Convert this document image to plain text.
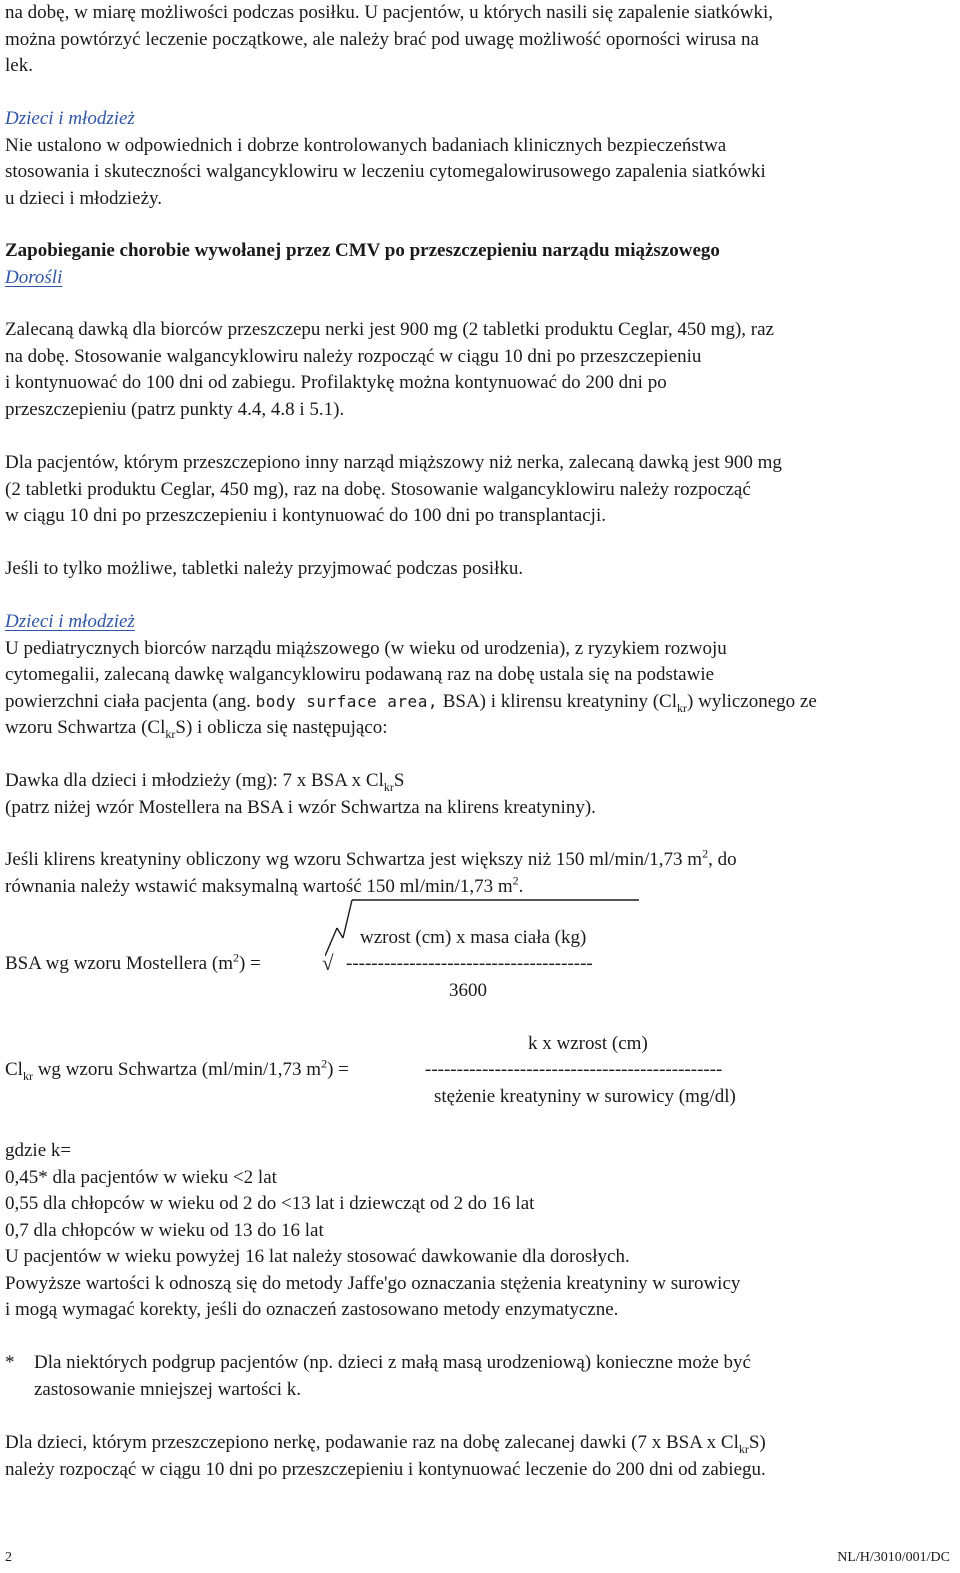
na dobę, w miarę możliwości podczas posiłku. U pacjentów, u których nasili się zapalenie siatkówki,
można powtórzyć leczenie początkowe, ale należy brać pod uwagę możliwość oporności wirusa na
lek.
Dzieci i młodzież
Nie ustalono w odpowiednich i dobrze kontrolowanych badaniach klinicznych bezpieczeństwa
stosowania i skuteczności walgancyklowiru w leczeniu cytomegalowirusowego zapalenia siatkówki
u dzieci i młodzieży.
Zapobieganie chorobie wywołanej przez CMV po przeszczepieniu narządu miąższowego
Dorośli
Zalecaną dawką dla biorców przeszczepu nerki jest 900 mg (2 tabletki produktu Ceglar, 450 mg), raz
na dobę. Stosowanie walgancyklowiru należy rozpocząć w ciągu 10 dni po przeszczepieniu
i kontynuować do 100 dni od zabiegu. Profilaktykę można kontynuować do 200 dni po
przeszczepieniu (patrz punkty 4.4, 4.8 i 5.1).
Dla pacjentów, którym przeszczepiono inny narząd miąższowy niż nerka, zalecaną dawką jest 900 mg
(2 tabletki produktu Ceglar, 450 mg), raz na dobę. Stosowanie walgancyklowiru należy rozpocząć
w ciągu 10 dni po przeszczepieniu i kontynuować do 100 dni po transplantacji.
Jeśli to tylko możliwe, tabletki należy przyjmować podczas posiłku.
Dzieci i młodzież
U pediatrycznych biorców narządu miąższowego (w wieku od urodzenia), z ryzykiem rozwoju
cytomegalii, zalecaną dawkę walgancyklowiru podawaną raz na dobę ustala się na podstawie
powierzchni ciała pacjenta (ang. body surface area, BSA) i klirensu kreatyniny $(Cl_{kr})$ wyliczonego ze
wzoru Schwartza $(Cl_{kr}S)$ i oblicza się następująco:
Dawka dla dzieci i młodzieży (mg): 7 x BSA x $Cl_{kr}S$
(patrz niżej wzór Mostellera na BSA i wzór Schwartza na klirens kreatyniny).
Jeśli klirens kreatyniny obliczony wg wzoru Schwartza jest większy niż 150 ml/min/1,73 $m^2$, do
równania należy wstawić maksymalną wartość 150 ml/min/1,73 $m^2$.
wzrost (cm) x masa ciała (kg)
BSA wg wzoru Mostellera $(m^2)$ =	√ ---------------------------------------
3600
k x wzrost (cm)
$Cl_{kr}$ wg wzoru Schwartza (ml/min/1,73 $m^2$) =	-----------------------------------------------
stężenie kreatyniny w surowicy (mg/dl)
gdzie k=
0,45* dla pacjentów w wieku <2 lat
0,55 dla chłopców w wieku od 2 do <13 lat i dziewcząt od 2 do 16 lat
0,7 dla chłopców w wieku od 13 do 16 lat
U pacjentów w wieku powyżej 16 lat należy stosować dawkowanie dla dorosłych.
Powyższe wartości k odnoszą się do metody Jaffe'go oznaczania stężenia kreatyniny w surowicy
i mogą wymagać korekty, jeśli do oznaczeń zastosowano metody enzymatyczne.
* Dla niektórych podgrup pacjentów (np. dzieci z małą masą urodzeniową) konieczne może być
zastosowanie mniejszej wartości k.
Dla dzieci, którym przeszczepiono nerkę, podawanie raz na dobę zalecanej dawki (7 x BSA x $Cl_{kr}S$)
należy rozpocząć w ciągu 10 dni po przeszczepieniu i kontynuować leczenie do 200 dni od zabiegu.
2	NL/H/3010/001/DC
